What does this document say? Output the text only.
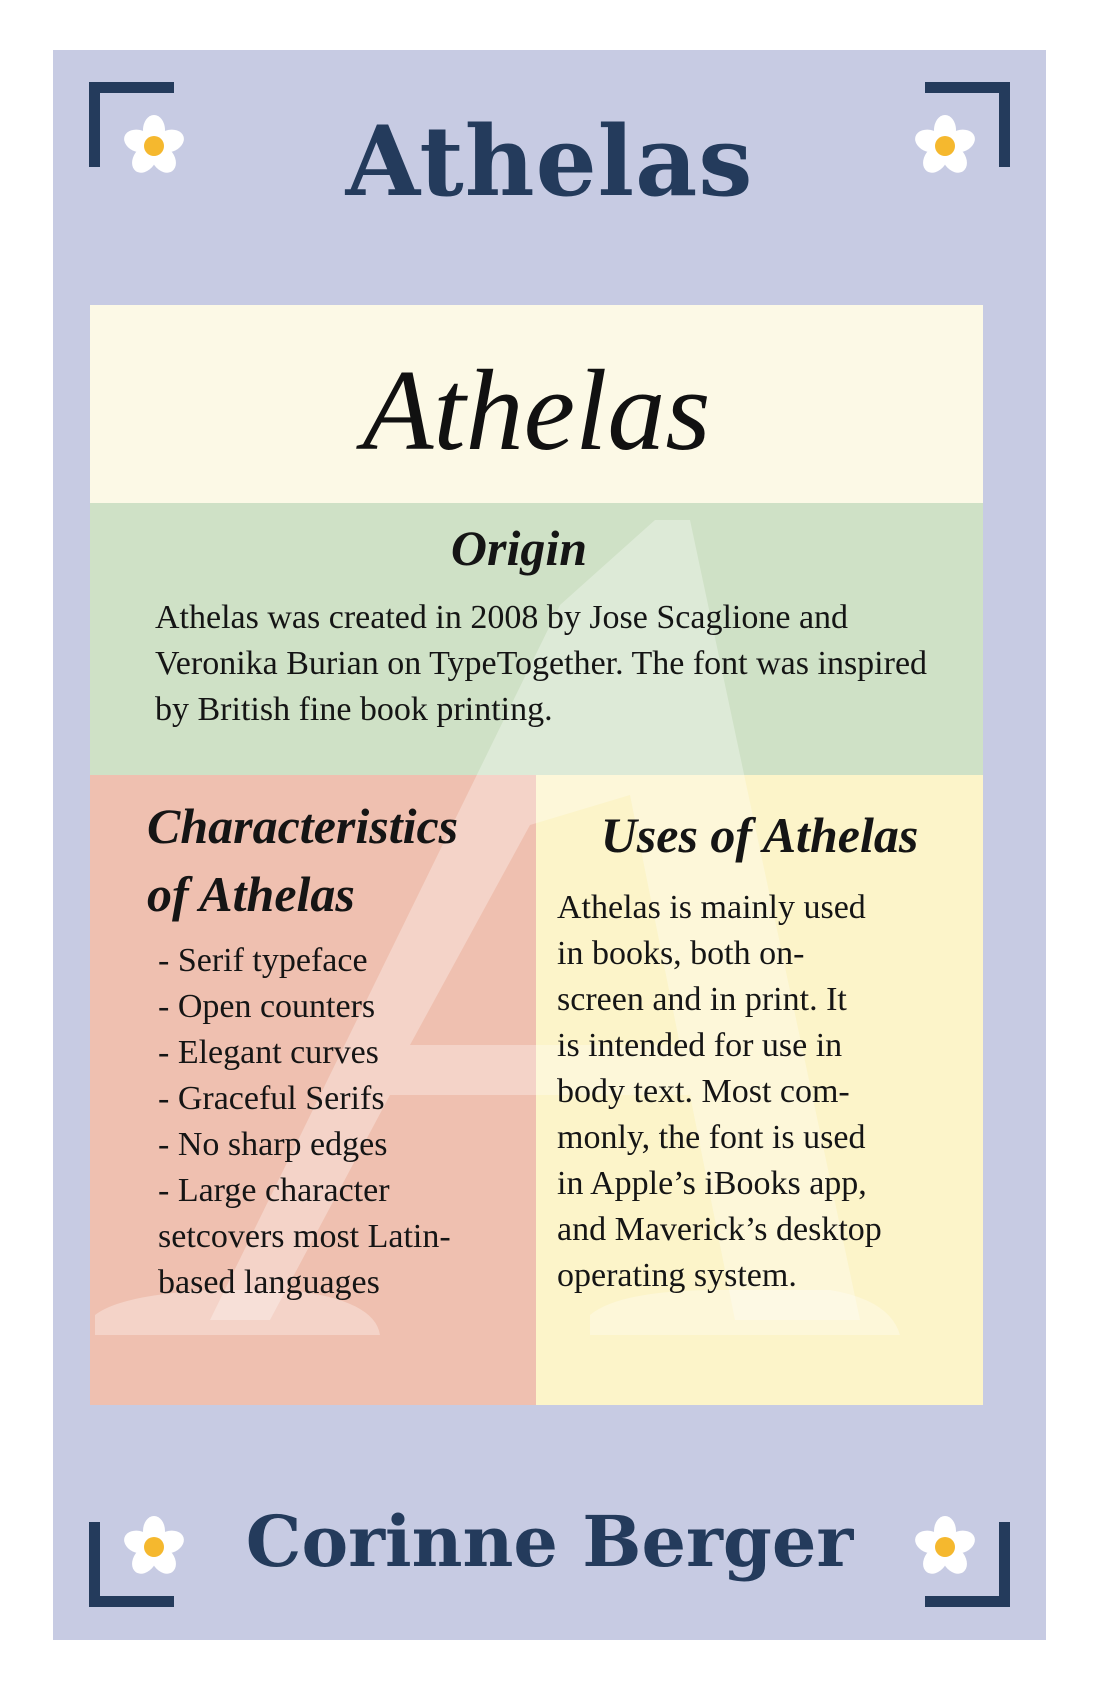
Athelas
Athelas
Origin

Athelas was created in 2008 by Jose Scaglione and Veronika Burian on TypeTogether. The font was inspired by British fine book printing.

Characteristics
of Athelas
- Serif typeface
- Open counters
- Elegant curves
- Graceful Serifs
- No sharp edges
- Large character setcovers most Latin-based languages
Uses of Athelas

Athelas is mainly used
in books, both on-
screen and in print. It
is intended for use in
body text. Most com-
monly, the font is used
in Apple’s iBooks app,
and Maverick’s desktop
operating system.

Corinne Berger
